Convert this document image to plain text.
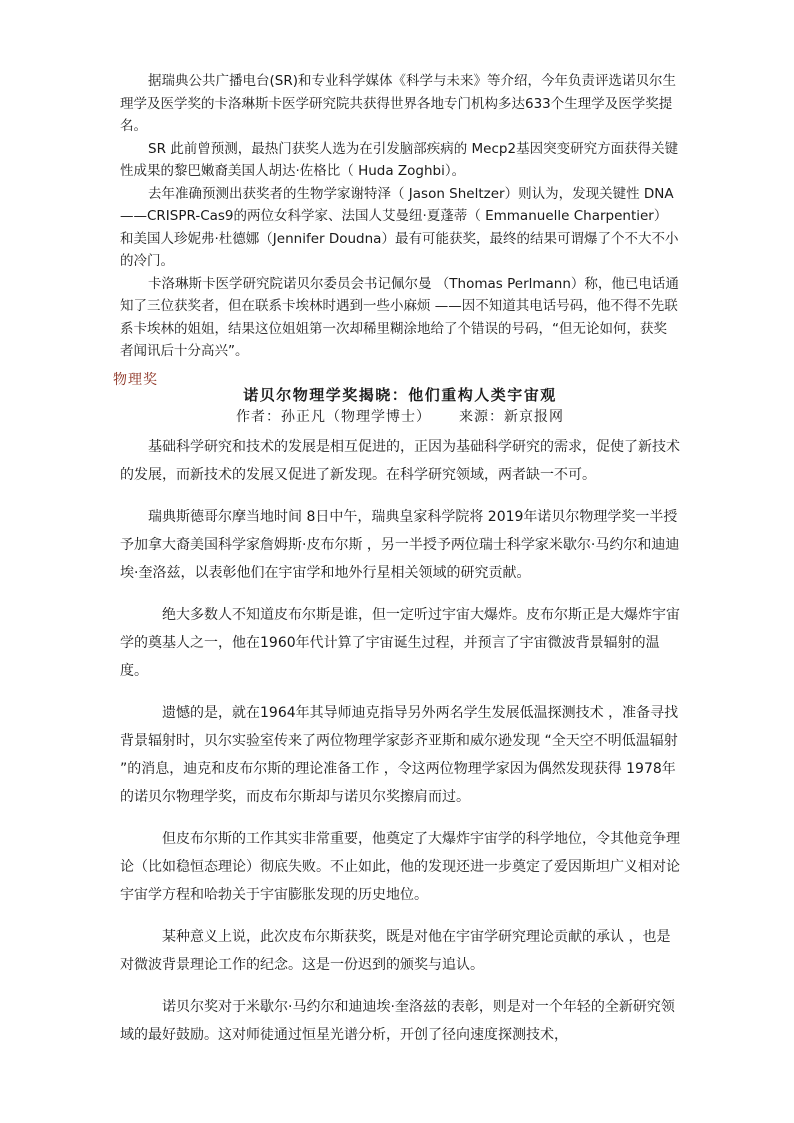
据瑞典公共广播电台(SR)和专业科学媒体《科学与未来》等介绍，今年负责评选诺贝尔生理学及医学奖的卡洛琳斯卡医学研究院共获得世界各地专门机构多达633个生理学及医学奖提名。

SR 此前曾预测，最热门获奖人选为在引发脑部疾病的 Mecp2基因突变研究方面获得关键性成果的黎巴嫩裔美国人胡达·佐格比（ Huda Zoghbi）。

去年准确预测出获奖者的生物学家谢特泽（ Jason Sheltzer）则认为，发现关键性 DNA——CRISPR-Cas9的两位女科学家、法国人艾曼纽·夏蓬蒂（ Emmanuelle Charpentier）和美国人珍妮弗·杜德娜（Jennifer Doudna）最有可能获奖，最终的结果可谓爆了个不大不小的冷门。

卡洛琳斯卡医学研究院诺贝尔委员会书记佩尔曼 （Thomas Perlmann）称，他已电话通知了三位获奖者，但在联系卡埃林时遇到一些小麻烦 ——因不知道其电话号码，他不得不先联系卡埃林的姐姐，结果这位姐姐第一次却稀里糊涂地给了个错误的号码，“但无论如何，获奖者闻讯后十分高兴”。

物理奖
诺贝尔物理学奖揭晓：他们重构人类宇宙观
作者：孙正凡（物理学博士） 来源：新京报网

基础科学研究和技术的发展是相互促进的，正因为基础科学研究的需求，促使了新技术的发展，而新技术的发展又促进了新发现。在科学研究领域，两者缺一不可。

瑞典斯德哥尔摩当地时间 8日中午，瑞典皇家科学院将 2019年诺贝尔物理学奖一半授予加拿大裔美国科学家詹姆斯·皮布尔斯 ，另一半授予两位瑞士科学家米歇尔·马约尔和迪迪埃·奎洛兹，以表彰他们在宇宙学和地外行星相关领域的研究贡献。

绝大多数人不知道皮布尔斯是谁，但一定听过宇宙大爆炸。皮布尔斯正是大爆炸宇宙学的奠基人之一，他在1960年代计算了宇宙诞生过程，并预言了宇宙微波背景辐射的温度。

遗憾的是，就在1964年其导师迪克指导另外两名学生发展低温探测技术 ，准备寻找背景辐射时，贝尔实验室传来了两位物理学家彭齐亚斯和威尔逊发现 “全天空不明低温辐射 ”的消息，迪克和皮布尔斯的理论准备工作 ，令这两位物理学家因为偶然发现获得 1978年的诺贝尔物理学奖，而皮布尔斯却与诺贝尔奖擦肩而过。

但皮布尔斯的工作其实非常重要，他奠定了大爆炸宇宙学的科学地位，令其他竞争理论（比如稳恒态理论）彻底失败。不止如此，他的发现还进一步奠定了爱因斯坦广义相对论宇宙学方程和哈勃关于宇宙膨胀发现的历史地位。

某种意义上说，此次皮布尔斯获奖，既是对他在宇宙学研究理论贡献的承认 ，也是对微波背景理论工作的纪念。这是一份迟到的颁奖与追认。

诺贝尔奖对于米歇尔·马约尔和迪迪埃·奎洛兹的表彰，则是对一个年轻的全新研究领域的最好鼓励。这对师徒通过恒星光谱分析，开创了径向速度探测技术，
